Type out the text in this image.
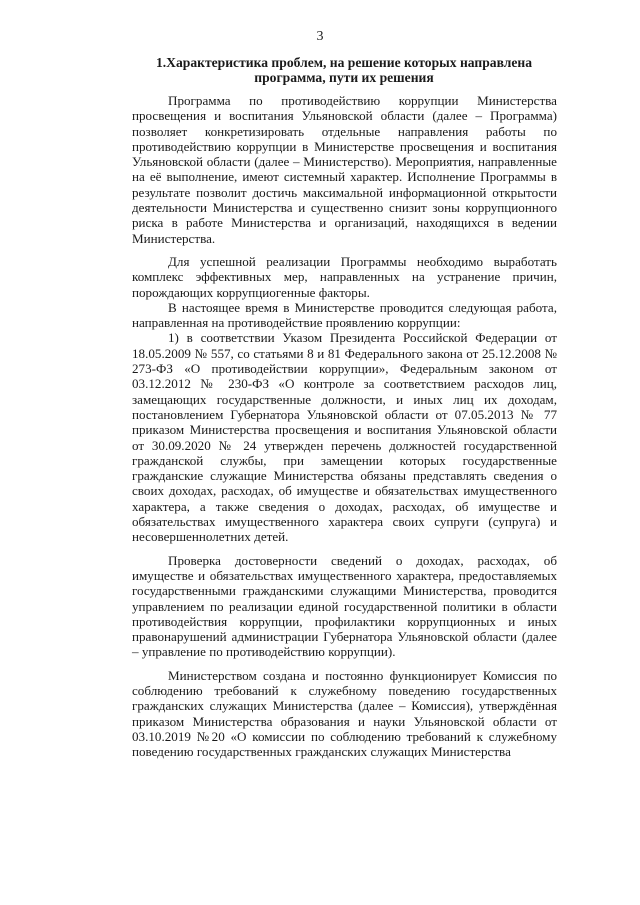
3
1.Характеристика проблем, на решение которых направлена программа, пути их решения

Программа по противодействию коррупции Министерства просвещения и воспитания Ульяновской области (далее – Программа) позволяет конкретизировать отдельные направления работы по противодействию коррупции в Министерстве просвещения и воспитания Ульяновской области (далее – Министерство). Мероприятия, направленные на её выполнение, имеют системный характер. Исполнение Программы в результате позволит достичь максимальной информационной открытости деятельности Министерства и существенно снизит зоны коррупционного риска в работе Министерства и организаций, находящихся в ведении Министерства.

Для успешной реализации Программы необходимо выработать комплекс эффективных мер, направленных на устранение причин, порождающих коррупциогенные факторы.

В настоящее время в Министерстве проводится следующая работа, направленная на противодействие проявлению коррупции:

1) в соответствии Указом Президента Российской Федерации от 18.05.2009 № 557, со статьями 8 и 81 Федерального закона от 25.12.2008 № 273-ФЗ «О противодействии коррупции», Федеральным законом от 03.12.2012 № 230-ФЗ «О контроле за соответствием расходов лиц, замещающих государственные должности, и иных лиц их доходам, постановлением Губернатора Ульяновской области от 07.05.2013 № 77 приказом Министерства просвещения и воспитания Ульяновской области от 30.09.2020 № 24 утвержден перечень должностей государственной гражданской службы, при замещении которых государственные гражданские служащие Министерства обязаны представлять сведения о своих доходах, расходах, об имуществе и обязательствах имущественного характера, а также сведения о доходах, расходах, об имуществе и обязательствах имущественного характера своих супруги (супруга) и несовершеннолетних детей.

Проверка достоверности сведений о доходах, расходах, об имуществе и обязательствах имущественного характера, предоставляемых государственными гражданскими служащими Министерства, проводится управлением по реализации единой государственной политики в области противодействия коррупции, профилактики коррупционных и иных правонарушений администрации Губернатора Ульяновской области (далее – управление по противодействию коррупции).

Министерством создана и постоянно функционирует Комиссия по соблюдению требований к служебному поведению государственных гражданских служащих Министерства (далее – Комиссия), утверждённая приказом Министерства образования и науки Ульяновской области от 03.10.2019 №20 «О комиссии по соблюдению требований к служебному поведению государственных гражданских служащих Министерства
